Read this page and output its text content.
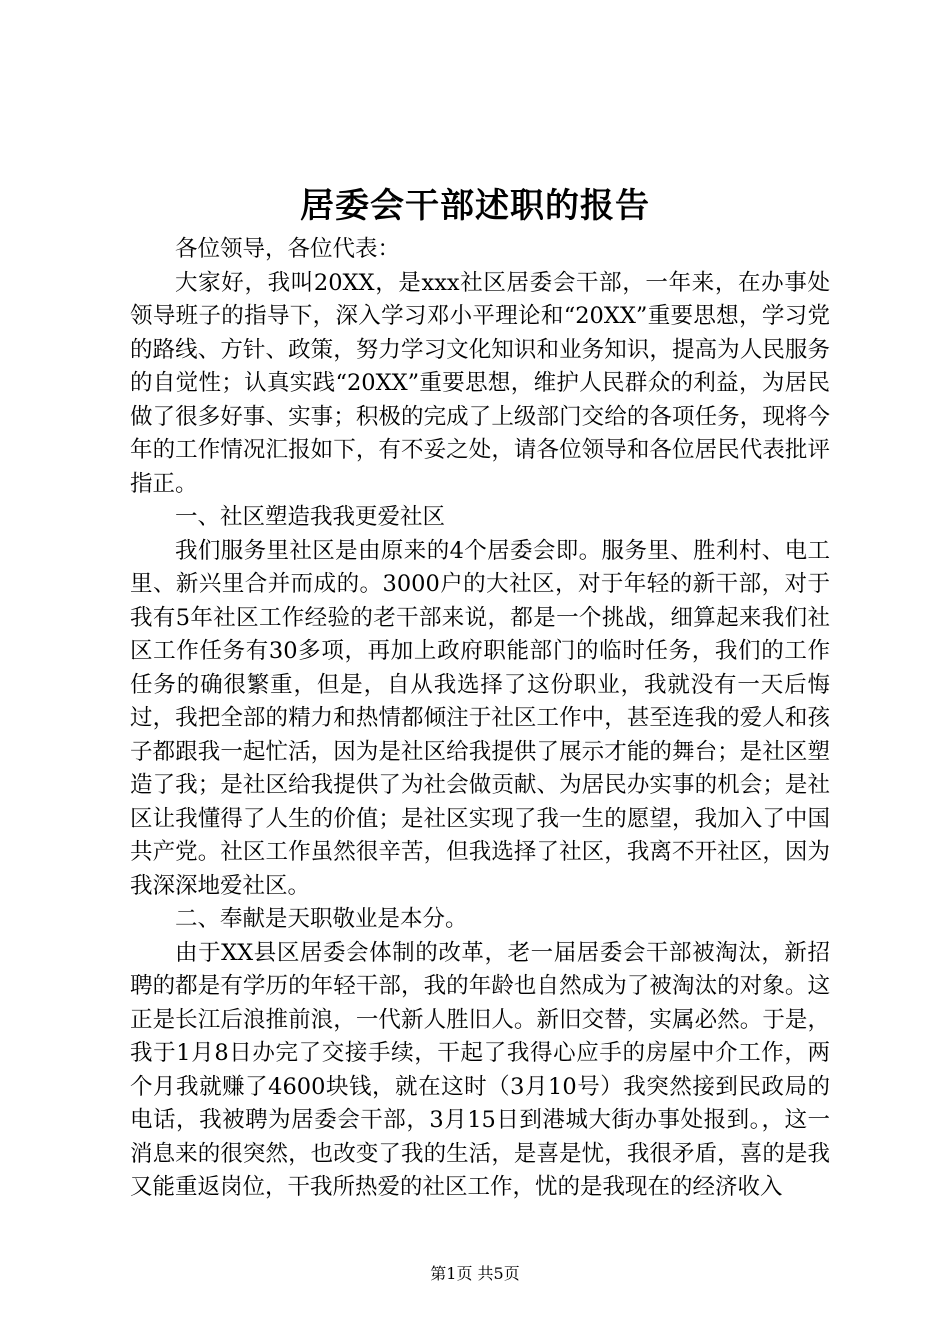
居委会干部述职的报告

各位领导，各位代表：

大家好，我叫20XX，是xxx社区居委会干部，一年来，在办事处领导班子的指导下，深入学习邓小平理论和“20XX”重要思想，学习党的路线、方针、政策，努力学习文化知识和业务知识，提高为人民服务的自觉性；认真实践“20XX”重要思想，维护人民群众的利益，为居民做了很多好事、实事；积极的完成了上级部门交给的各项任务，现将今年的工作情况汇报如下，有不妥之处，请各位领导和各位居民代表批评指正。

一、社区塑造我我更爱社区

我们服务里社区是由原来的4个居委会即。服务里、胜利村、电工里、新兴里合并而成的。3000户的大社区，对于年轻的新干部，对于我有5年社区工作经验的老干部来说，都是一个挑战，细算起来我们社区工作任务有30多项，再加上政府职能部门的临时任务，我们的工作任务的确很繁重，但是，自从我选择了这份职业，我就没有一天后悔过，我把全部的精力和热情都倾注于社区工作中，甚至连我的爱人和孩子都跟我一起忙活，因为是社区给我提供了展示才能的舞台；是社区塑造了我；是社区给我提供了为社会做贡献、为居民办实事的机会；是社区让我懂得了人生的价值；是社区实现了我一生的愿望，我加入了中国共产党。社区工作虽然很辛苦，但我选择了社区，我离不开社区，因为我深深地爱社区。

二、奉献是天职敬业是本分。

由于XX县区居委会体制的改革，老一届居委会干部被淘汰，新招聘的都是有学历的年轻干部，我的年龄也自然成为了被淘汰的对象。这正是长江后浪推前浪，一代新人胜旧人。新旧交替，实属必然。于是，我于1月8日办完了交接手续，干起了我得心应手的房屋中介工作，两个月我就赚了4600块钱，就在这时（3月10号）我突然接到民政局的电话，我被聘为居委会干部，3月15日到港城大街办事处报到。，这一消息来的很突然，也改变了我的生活，是喜是忧，我很矛盾，喜的是我又能重返岗位，干我所热爱的社区工作，忧的是我现在的经济收入

第1页 共5页
